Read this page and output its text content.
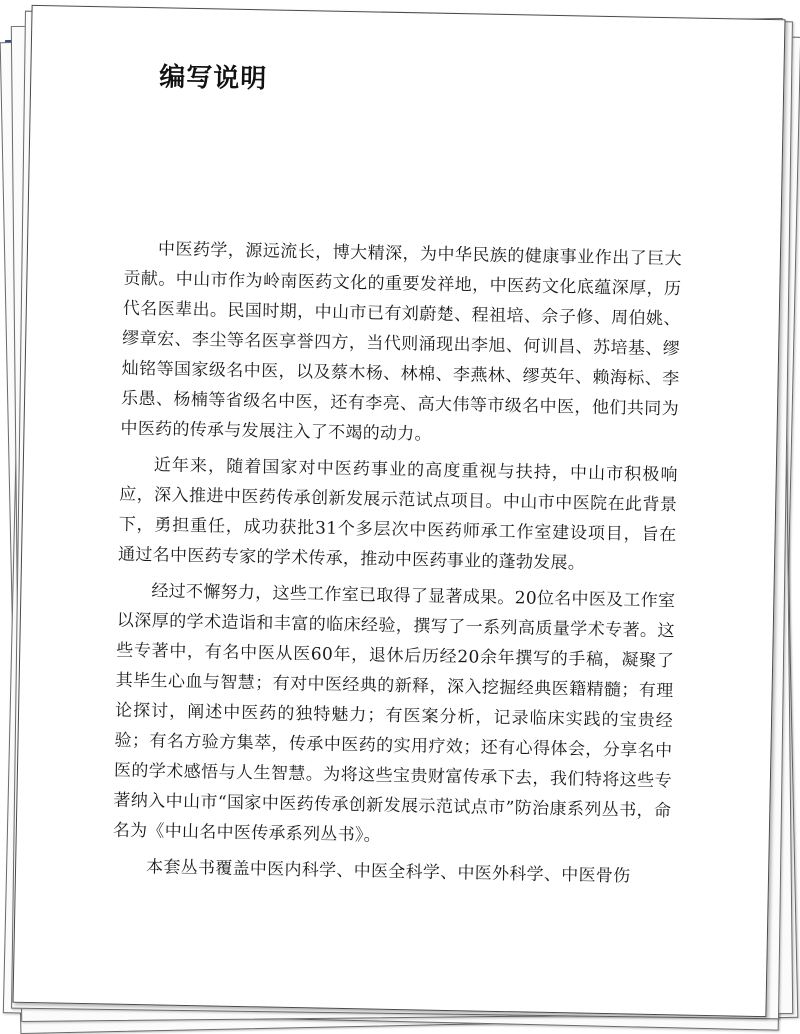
编写说明

中医药学，源远流长，博大精深，为中华民族的健康事业作出了巨大贡献。中山市作为岭南医药文化的重要发祥地，中医药文化底蕴深厚，历代名医辈出。民国时期，中山市已有刘蔚楚、程祖培、佘子修、周伯姚、缪章宏、李尘等名医享誉四方，当代则涌现出李旭、何训昌、苏培基、缪灿铭等国家级名中医，以及蔡木杨、林棉、李燕林、缪英年、赖海标、李乐愚、杨楠等省级名中医，还有李亮、高大伟等市级名中医，他们共同为中医药的传承与发展注入了不竭的动力。

近年来，随着国家对中医药事业的高度重视与扶持，中山市积极响应，深入推进中医药传承创新发展示范试点项目。中山市中医院在此背景下，勇担重任，成功获批31个多层次中医药师承工作室建设项目，旨在通过名中医药专家的学术传承，推动中医药事业的蓬勃发展。

经过不懈努力，这些工作室已取得了显著成果。20位名中医及工作室以深厚的学术造诣和丰富的临床经验，撰写了一系列高质量学术专著。这些专著中，有名中医从医60年，退休后历经20余年撰写的手稿，凝聚了其毕生心血与智慧；有对中医经典的新释，深入挖掘经典医籍精髓；有理论探讨，阐述中医药的独特魅力；有医案分析，记录临床实践的宝贵经验；有名方验方集萃，传承中医药的实用疗效；还有心得体会，分享名中医的学术感悟与人生智慧。为将这些宝贵财富传承下去，我们特将这些专著纳入中山市“国家中医药传承创新发展示范试点市”防治康系列丛书，命名为《中山名中医传承系列丛书》。

本套丛书覆盖中医内科学、中医全科学、中医外科学、中医骨伤
